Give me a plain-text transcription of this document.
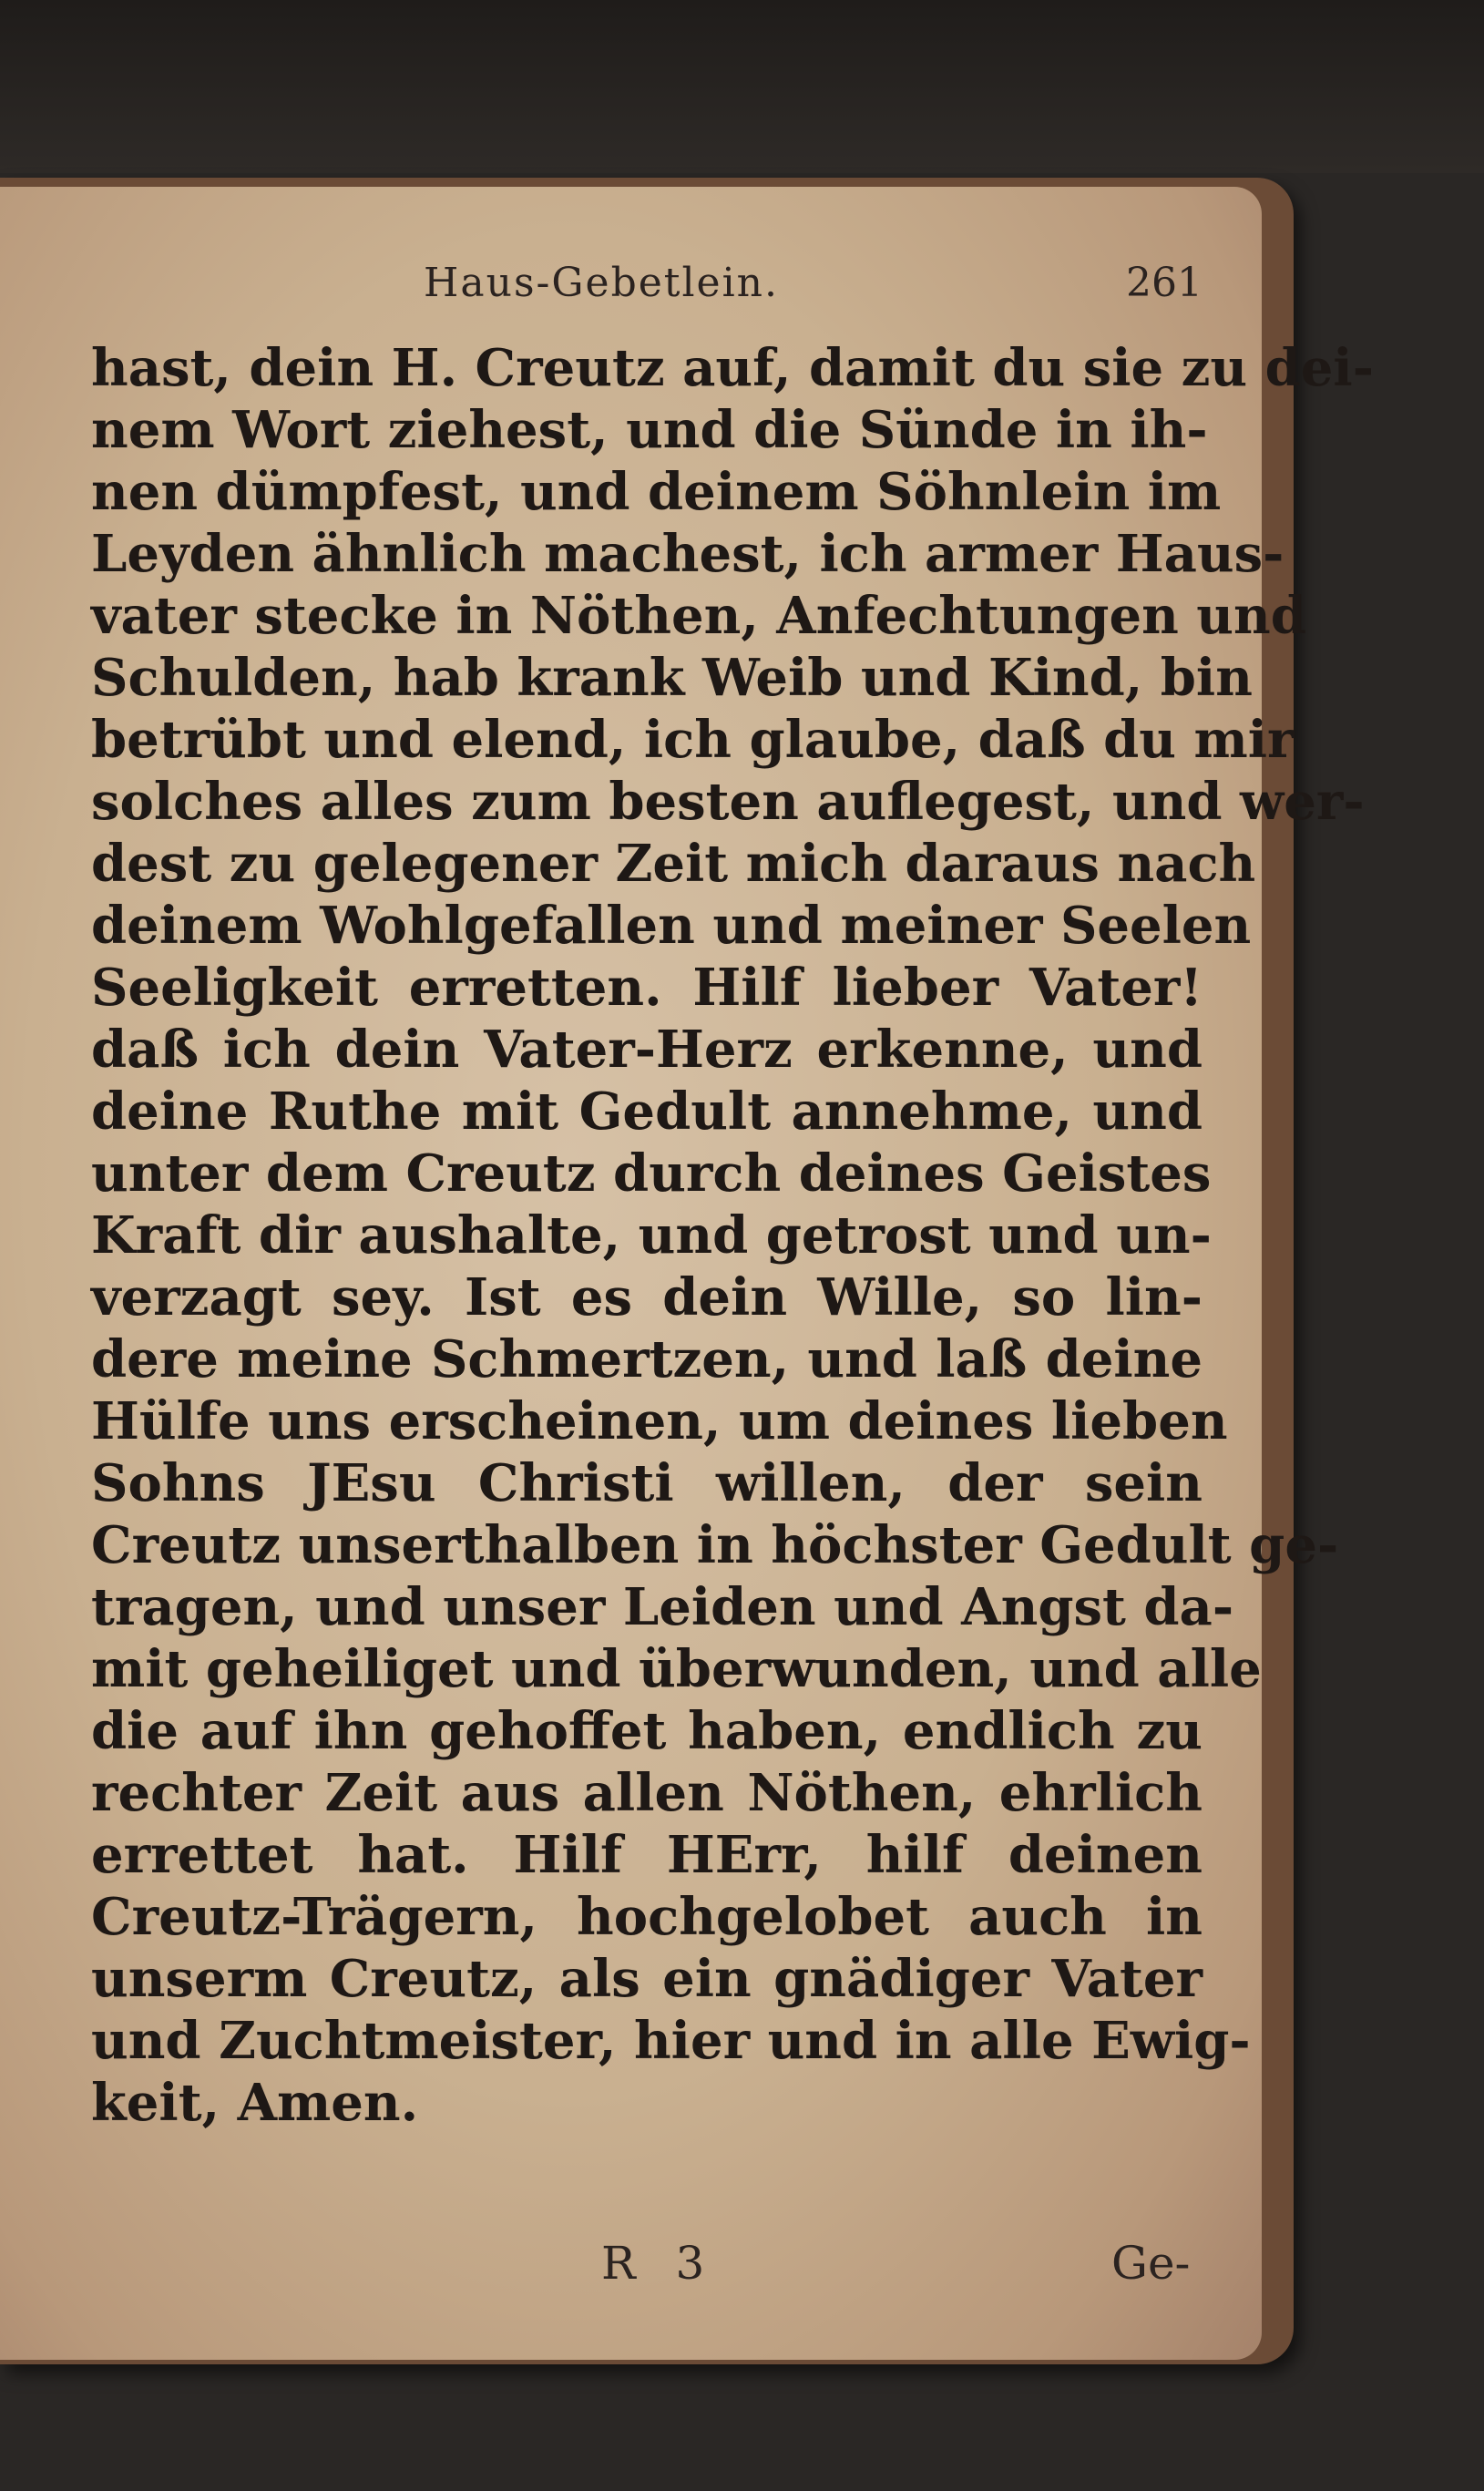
Haus-Gebetlein.	261
hast, dein H. Creutz auf, damit du sie zu dei-
nem Wort ziehest, und die Sünde in ih-
nen dümpfest, und deinem Söhnlein im
Leyden ähnlich machest, ich armer Haus-
vater stecke in Nöthen, Anfechtungen und
Schulden, hab krank Weib und Kind, bin
betrübt und elend, ich glaube, daß du mir
solches alles zum besten auflegest, und wer-
dest zu gelegener Zeit mich daraus nach
deinem Wohlgefallen und meiner Seelen
Seeligkeit erretten. Hilf lieber Vater!
daß ich dein Vater-Herz erkenne, und
deine Ruthe mit Gedult annehme, und
unter dem Creutz durch deines Geistes
Kraft dir aushalte, und getrost und un-
verzagt sey. Ist es dein Wille, so lin-
dere meine Schmertzen, und laß deine
Hülfe uns erscheinen, um deines lieben
Sohns JEsu Christi willen, der sein
Creutz unserthalben in höchster Gedult ge-
tragen, und unser Leiden und Angst da-
mit geheiliget und überwunden, und alle
die auf ihn gehoffet haben, endlich zu
rechter Zeit aus allen Nöthen, ehrlich
errettet hat. Hilf HErr, hilf deinen
Creutz-Trägern, hochgelobet auch in
unserm Creutz, als ein gnädiger Vater
und Zuchtmeister, hier und in alle Ewig-
keit, Amen.
R 3	Ge-
